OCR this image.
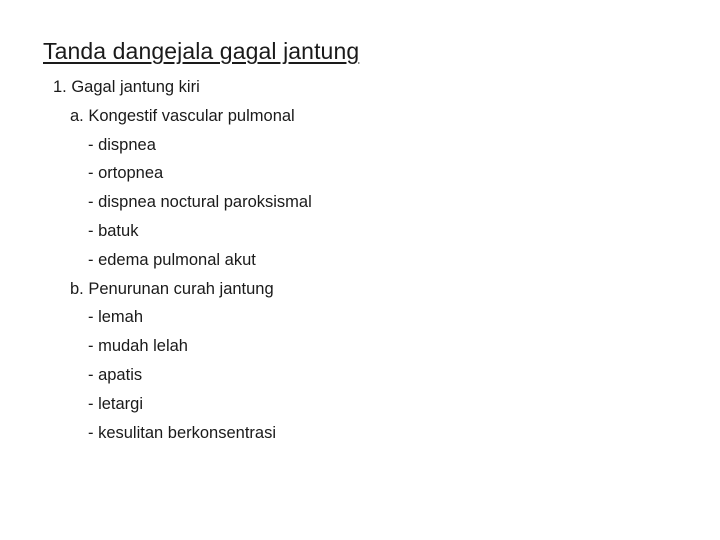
Tanda dangejala gagal jantung
1. Gagal jantung kiri
a. Kongestif vascular pulmonal
- dispnea
- ortopnea
- dispnea noctural paroksismal
- batuk
- edema pulmonal akut
b. Penurunan curah jantung
- lemah
- mudah lelah
- apatis
- letargi
- kesulitan berkonsentrasi
